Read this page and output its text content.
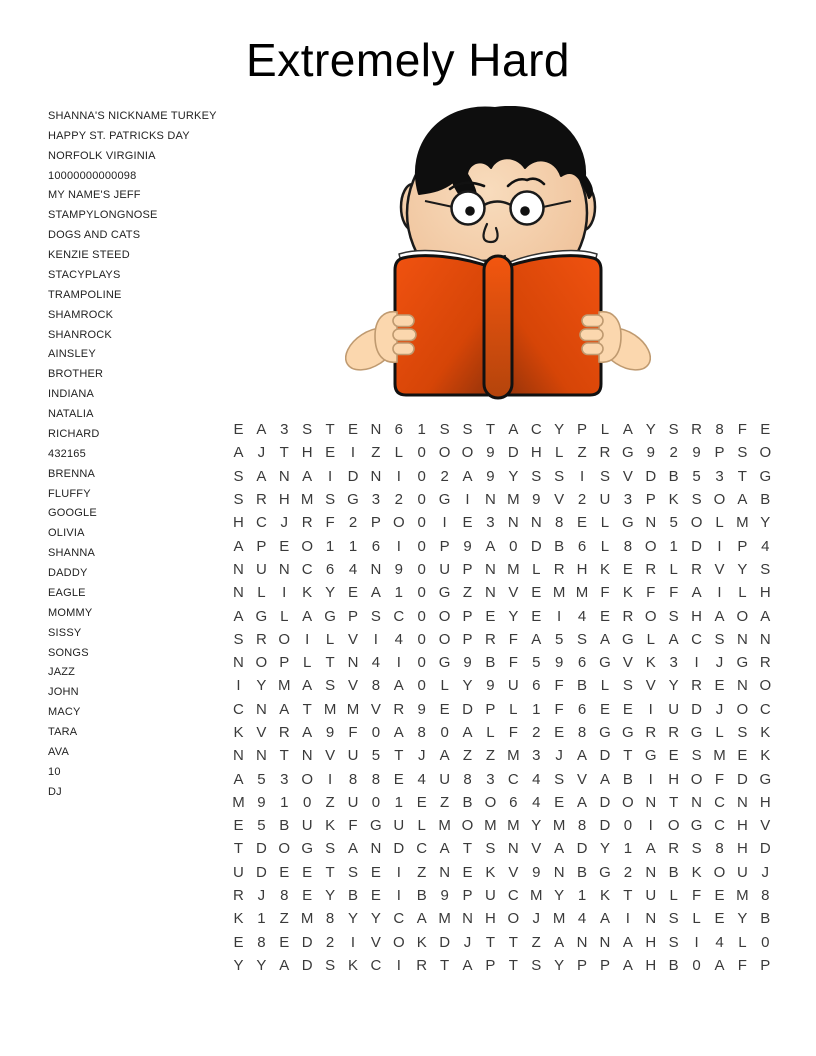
Extremely Hard
SHANNA'S NICKNAME TURKEY
HAPPY ST. PATRICKS DAY
NORFOLK VIRGINIA
10000000000098
MY NAME'S JEFF
STAMPYLONGNOSE
DOGS AND CATS
KENZIE STEED
STACYPLAYS
TRAMPOLINE
SHAMROCK
SHANROCK
AINSLEY
BROTHER
INDIANA
NATALIA
RICHARD
432165
BRENNA
FLUFFY
GOOGLE
OLIVIA
SHANNA
DADDY
EAGLE
MOMMY
SISSY
SONGS
JAZZ
JOHN
MACY
TARA
AVA
10
DJ
E A 3 S T E N 6 1 S S T A C Y P L A Y S R 8 F E
A J T H E	I	Z L 0 O O 9 D H L Z R G 9 2 9 P S O
S A N A	I	D N	I	0 2 A 9 Y S S	I	S V D B 5 3 T G
S R H M S G 3 2 0 G I	N M 9 V 2 U 3 P K S O A B
H C J R F 2 P O 0	I	E 3 N N 8 E L G N 5 O L M Y
A P E O 1 1 6	I	0 P 9 A 0 D B 6 L 8 O 1 D	I	P 4
N U N C 6 4 N 9 0 U P N M L R H K E R L R V Y S
N L	I	K Y E A 1 0 G Z N V E M M F K F F A	I	L H
A G L A G P S C 0 O P E Y E	I	4 E R O S H A O A
S R O I	L V	I	4 0 O P R F A 5 S A G L A C S N N
N O P L T N 4	I	0 G 9 B F 5 9 6 G V K 3	I	J G R
I	Y M A S V 8 A 0 L Y 9 U 6 F B L S V Y R E N O
C N A T M M V R 9 E D P L 1 F 6 E E	I	U D J O C
K V R A 9 F 0 A 8 0 A L F 2 E 8 G G R R G L S K
N N T N V U 5 T J A Z Z M 3 J A D T G E S M E K
A 5 3 O I	8 8 E 4 U 8 3 C 4 S V A B	I	H O F D G
M 9 1 0 Z U 0 1 E Z B O 6 4 E A D O N T N C N H
E 5 B U K F G U L M O M M Y M 8 D 0	I O G C H V
T D O G S A N D C A T S N V A D Y 1 A R S 8 H D
U D E E T S E	I	Z N E K V 9 N B G 2 N B K O U J
R J 8 E Y B E	I	B 9 P U C M Y 1 K T U L F E M 8
K 1 Z M 8 Y Y C A M N H O J M 4 A	I	N S L E Y B
E 8 E D 2	I	V O K D J T T Z A N N A H S	I	4 L 0
Y Y A D S K C	I	R T A P T S Y P P A H B 0 A F P
